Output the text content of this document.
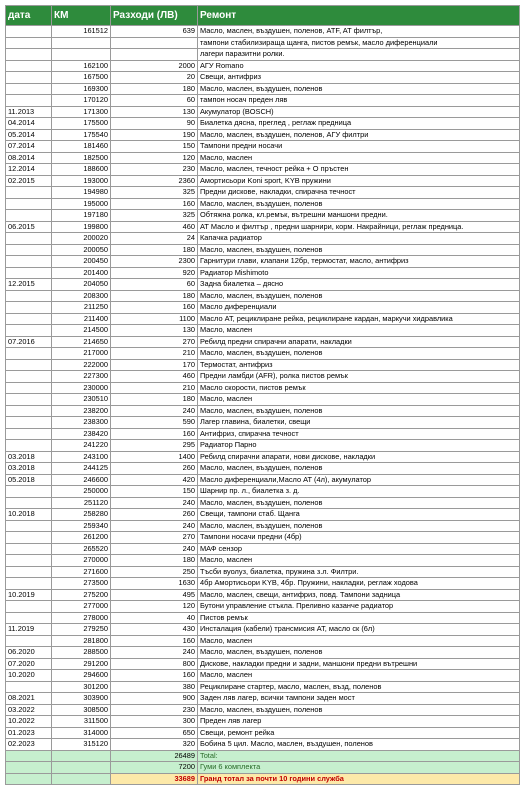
дата	КМ	Разходи (ЛВ)	Ремонт
	161512	639	Масло, маслен, въздушен, поленов, ATF, AT филтър,
			тампони стабилизираща щанга, пистов ремък, масло диференциали
			лагери паразитни ролки.
	162100	2000	АГУ Romano
	167500	20	Свещи, антифриз
	169300	180	Масло, маслен, въздушен, поленов
	170120	60	тампон носач преден ляв
11.2013	171300	130	Акумулатор (BOSCH)
04.2014	175500	90	Биалетка дясна, преглед , реглаж предница
05.2014	175540	190	Масло, маслен, въздушен, поленов, АГУ филтри
07.2014	181460	150	Тампони предни носачи
08.2014	182500	120	Масло, маслен
12.2014	188600	230	Масло, маслен, течност рейка + О пръстен
02.2015	193000	2360	Амортисьори Koni sport, KYB пружини
	194980	325	Предни дискове, накладки, спирачна течност
	195000	160	Масло, маслен, въздушен, поленов
	197180	325	Обтяжна ролка, кл.ремък, вътрешни маншони предни.
06.2015	199800	460	АТ Масло и филтър , предни шарнири, корм. Накрайници, реглаж предница.
	200020	24	Капачка радиатор
	200050	180	Масло, маслен, въздушен, поленов
	200450	2300	Гарнитури глави, клапани 12бр, термостат, масло, антифриз
	201400	920	Радиатор Mishimoto
12.2015	204050	60	Задна биалетка – дясно
	208300	180	Масло, маслен, въздушен, поленов
	211250	160	Масло диференциали
	211400	1100	Масло АТ, рециклиране рейка, рециклиране кардан, маркучи хидравлика
	214500	130	Масло, маслен
07.2016	214650	270	Ребилд предни спирачни апарати, накладки
	217000	210	Масло, маслен, въздушен, поленов
	222000	170	Термостат, антифриз
	227300	460	Предни ламбди (AFR), ролка пистов ремък
	230000	210	Масло скорости, пистов ремък
	230510	180	Масло, маслен
	238200	240	Масло, маслен, въздушен, поленов
	238300	590	Лагер главина, биалетки, свещи
	238420	160	Антифриз, спирачна течност
	241220	295	Радиатор Парно
03.2018	243100	1400	Ребилд спирачни апарати, нови дискове, накладки
03.2018	244125	260	Масло, маслен, въздушен, поленов
05.2018	246600	420	Масло диференциали,Масло АТ (4л), акумулатор
	250000	150	Шарнир пр. л., биалетка з. д.
	251120	240	Масло, маслен, въздушен, поленов
10.2018	258280	260	Свещи, тампони стаб. Щанга
	259340	240	Масло, маслен, въздушен, поленов
	261200	270	Тампони носачи предни (4бр)
	265520	240	МАФ сензор
	270000	180	Масло, маслен
	271600	250	Тъсби вуолуз, биалетка, пружина з.л. Филтри.
	273500	1630	4бр Амортисьори KYB, 4бр. Пружини, накладки, реглаж ходова
10.2019	275200	495	Масло, маслен, свещи, антифриз, повд. Тампони задница
	277000	120	Бутони управление стъкла. Преливно казанче радиатор
	278000	40	Пистов ремък
11.2019	279250	430	Инсталация (кабели) трансмисия АТ, масло ск (6л)
	281800	160	Масло, маслен
06.2020	288500	240	Масло, маслен, въздушен, поленов
07.2020	291200	800	Дискове, накладки предни и задни, маншони предни вътрешни
10.2020	294600	160	Масло, маслен
	301200	380	Рециклиране стартер, масло, маслен, възд, поленов
08.2021	303900	900	Заден ляв лагер, всички тампони заден мост
03.2022	308500	230	Масло, маслен, въздушен, поленов
10.2022	311500	300	Преден ляв лагер
01.2023	314000	650	Свещи, ремонт рейка
02.2023	315120	320	Бобина 5 цил. Масло, маслен, въздушен, поленов
		26489	Total:
		7200	Гуми 6 комплекта
		33689	Гранд тотал за почти 10 години служба
